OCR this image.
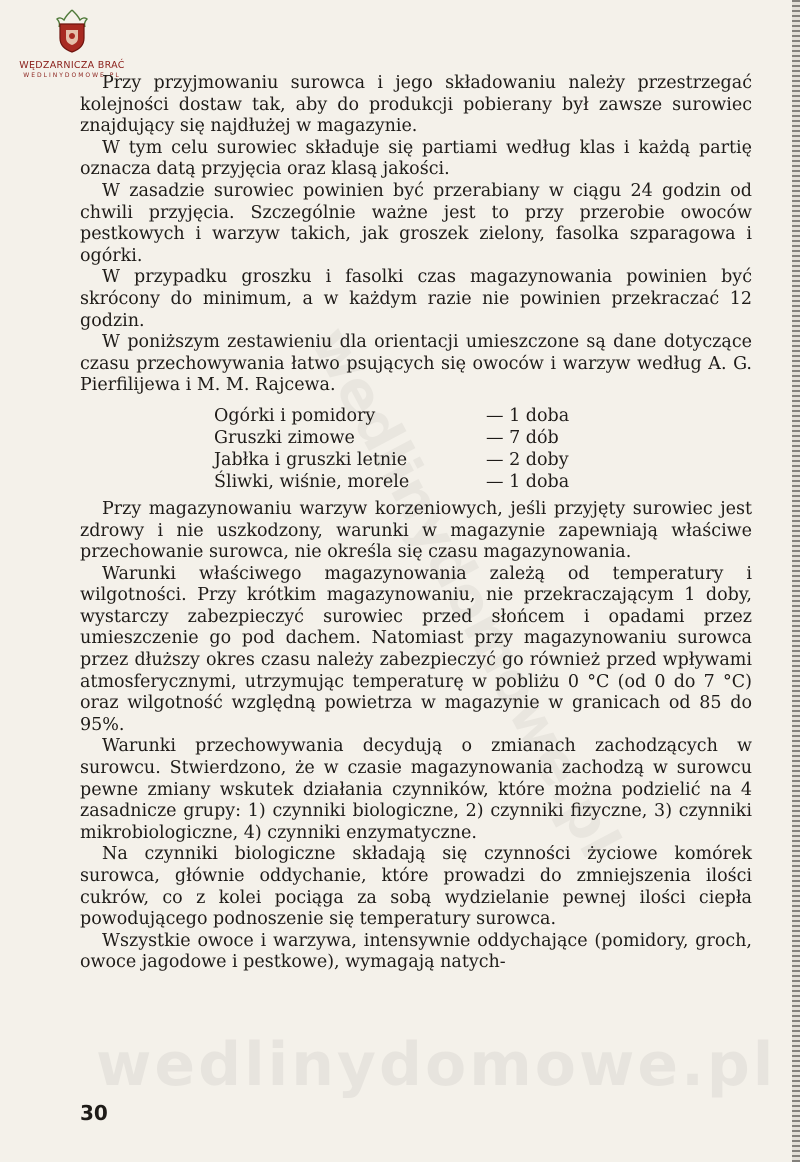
WĘDZARNICZA BRAĆ
WEDLINYDOMOWE.PL
wedlinydomowe.pl

Przy przyjmowaniu surowca i jego składowaniu należy przestrzegać kolejności dostaw tak, aby do produkcji pobierany był zawsze surowiec znajdujący się najdłużej w magazynie.

W tym celu surowiec składuje się partiami według klas i każdą partię oznacza datą przyjęcia oraz klasą jakości.

W zasadzie surowiec powinien być przerabiany w ciągu 24 godzin od chwili przyjęcia. Szczególnie ważne jest to przy przerobie owoców pestkowych i warzyw takich, jak groszek zielony, fasolka szparagowa i ogórki.

W przypadku groszku i fasolki czas magazynowania powinien być skrócony do minimum, a w każdym razie nie powinien przekraczać 12 godzin.

W poniższym zestawieniu dla orientacji umieszczone są dane dotyczące czasu przechowywania łatwo psujących się owoców i warzyw według A. G. Pierfilijewa i M. M. Rajcewa.

Ogórki i pomidory	— 1 doba
Gruszki zimowe	— 7 dób
Jabłka i gruszki letnie	— 2 doby
Śliwki, wiśnie, morele	— 1 doba

Przy magazynowaniu warzyw korzeniowych, jeśli przyjęty surowiec jest zdrowy i nie uszkodzony, warunki w magazynie zapewniają właściwe przechowanie surowca, nie określa się czasu magazynowania.

Warunki właściwego magazynowania zależą od temperatury i wilgotności. Przy krótkim magazynowaniu, nie przekraczającym 1 doby, wystarczy zabezpieczyć surowiec przed słońcem i opadami przez umieszczenie go pod dachem. Natomiast przy magazynowaniu surowca przez dłuższy okres czasu należy zabezpieczyć go również przed wpływami atmosferycznymi, utrzymując temperaturę w pobliżu 0 °C (od 0 do 7 °C) oraz wilgotność względną powietrza w magazynie w granicach od 85 do 95%.

Warunki przechowywania decydują o zmianach zachodzących w surowcu. Stwierdzono, że w czasie magazynowania zachodzą w surowcu pewne zmiany wskutek działania czynników, które można podzielić na 4 zasadnicze grupy: 1) czynniki biologiczne, 2) czynniki fizyczne, 3) czynniki mikrobiologiczne, 4) czynniki enzymatyczne.

Na czynniki biologiczne składają się czynności życiowe komórek surowca, głównie oddychanie, które prowadzi do zmniejszenia ilości cukrów, co z kolei pociąga za sobą wydzielanie pewnej ilości ciepła powodującego podnoszenie się temperatury surowca.

Wszystkie owoce i warzywa, intensywnie oddychające (pomidory, groch, owoce jagodowe i pestkowe), wymagają natych-

30
